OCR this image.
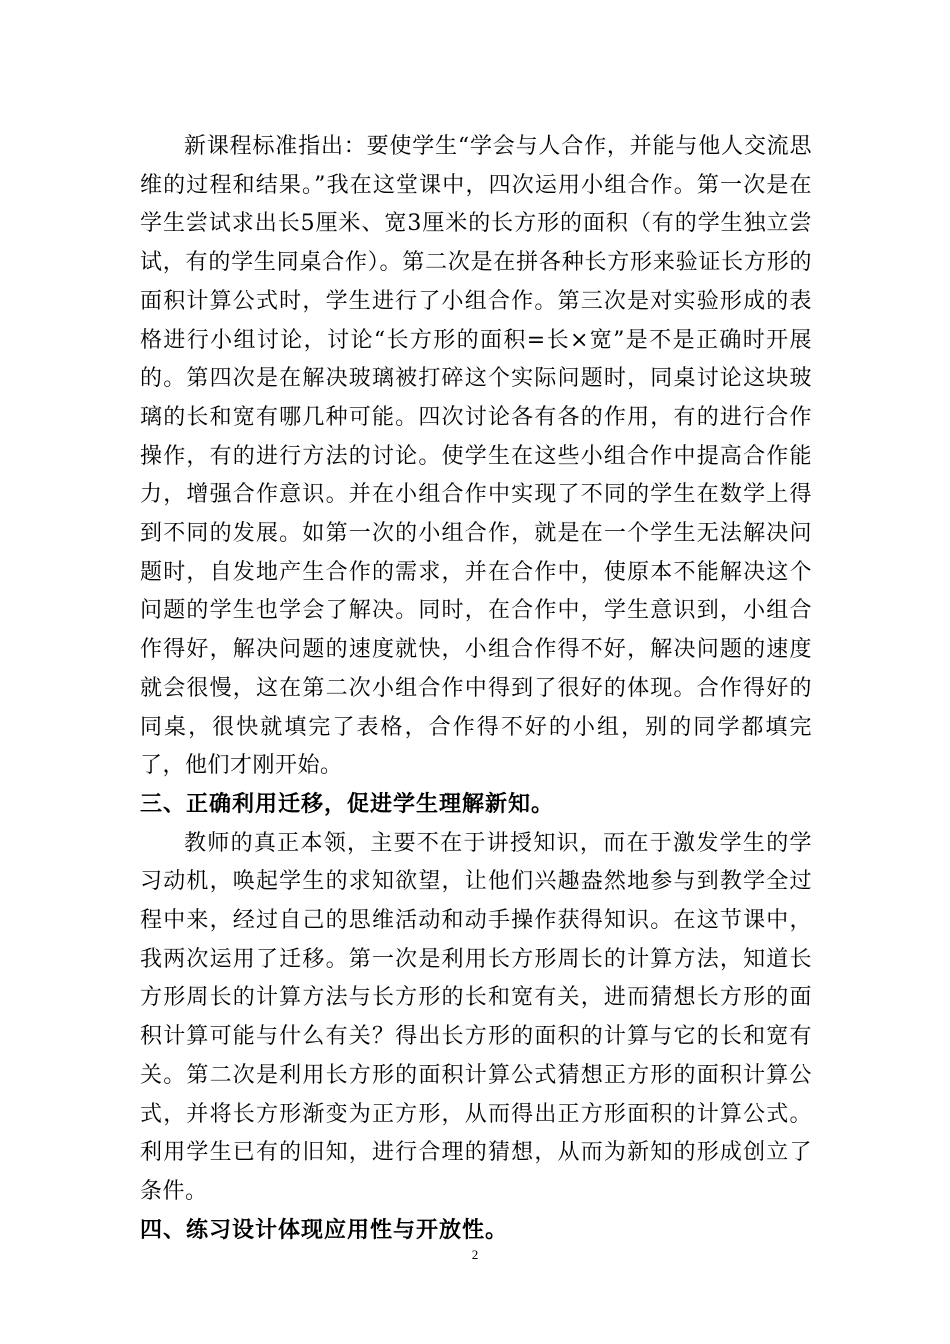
新课程标准指出：要使学生“学会与人合作，并能与他人交流思维的过程和结果。”我在这堂课中，四次运用小组合作。第一次是在学生尝试求出长5厘米、宽3厘米的长方形的面积（有的学生独立尝试，有的学生同桌合作）。第二次是在拼各种长方形来验证长方形的面积计算公式时，学生进行了小组合作。第三次是对实验形成的表格进行小组讨论，讨论“长方形的面积=长×宽”是不是正确时开展的。第四次是在解决玻璃被打碎这个实际问题时，同桌讨论这块玻璃的长和宽有哪几种可能。四次讨论各有各的作用，有的进行合作操作，有的进行方法的讨论。使学生在这些小组合作中提高合作能力，增强合作意识。并在小组合作中实现了不同的学生在数学上得到不同的发展。如第一次的小组合作，就是在一个学生无法解决问题时，自发地产生合作的需求，并在合作中，使原本不能解决这个问题的学生也学会了解决。同时，在合作中，学生意识到，小组合作得好，解决问题的速度就快，小组合作得不好，解决问题的速度就会很慢，这在第二次小组合作中得到了很好的体现。合作得好的同桌，很快就填完了表格，合作得不好的小组，别的同学都填完了，他们才刚开始。

三、正确利用迁移，促进学生理解新知。

教师的真正本领，主要不在于讲授知识，而在于激发学生的学习动机，唤起学生的求知欲望，让他们兴趣盎然地参与到教学全过程中来，经过自己的思维活动和动手操作获得知识。在这节课中，我两次运用了迁移。第一次是利用长方形周长的计算方法，知道长方形周长的计算方法与长方形的长和宽有关，进而猜想长方形的面积计算可能与什么有关？得出长方形的面积的计算与它的长和宽有关。第二次是利用长方形的面积计算公式猜想正方形的面积计算公式，并将长方形渐变为正方形，从而得出正方形面积的计算公式。利用学生已有的旧知，进行合理的猜想，从而为新知的形成创立了条件。

四、练习设计体现应用性与开放性。

2
